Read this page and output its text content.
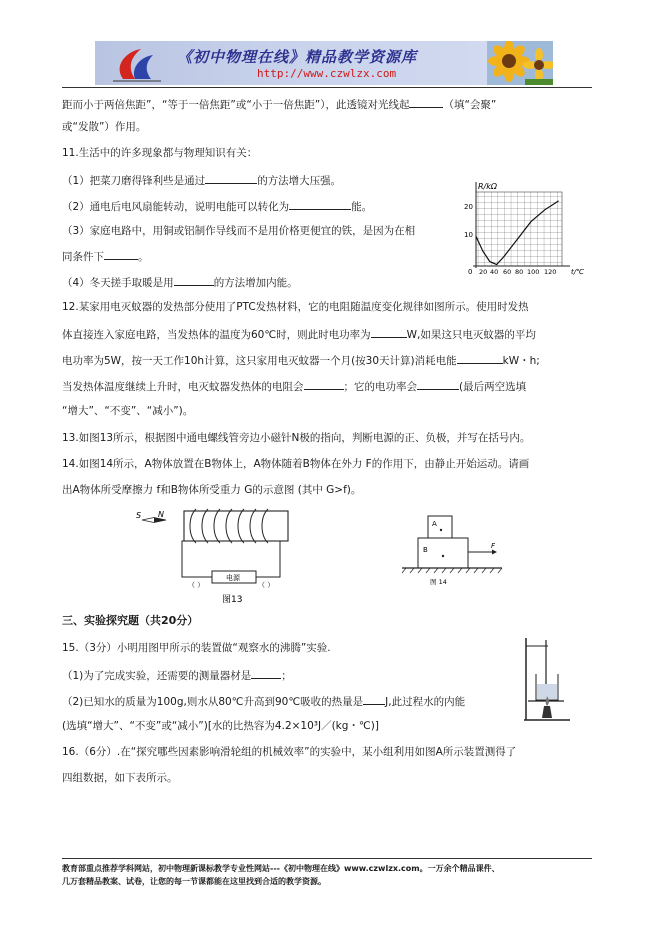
《初中物理在线》精品教学资源库
http://www.czwlzx.com
距而小于两倍焦距”，“等于一倍焦距”或“小于一倍焦距”），此透镜对光线起	（填“会聚”
或“发散”）作用。
11.生活中的许多现象都与物理知识有关：
（1）把菜刀磨得锋利些是通过	的方法增大压强。
（2）通电后电风扇能转动，说明电能可以转化为	能。
（3）家庭电路中，用铜或铝制作导线而不是用价格更便宜的铁，是因为在相
同条件下	。
（4）冬天搓手取暖是用	的方法增加内能。
R/kΩ
20
10
0 20 40 60 80 100 120 t/℃
12.某家用电灭蚊器的发热部分使用了PTC发热材料，它的电阻随温度变化规律如图所示。使用时发热
体直接连入家庭电路，当发热体的温度为60℃时，则此时电功率为	W,如果这只电灭蚊器的平均
电功率为5W，按一天工作10h计算，这只家用电灭蚊器一个月(按30天计算)消耗电能	kW・h;
当发热体温度继续上升时，电灭蚊器发热体的电阻会	；它的电功率会	(最后两空选填
“增大”、“不变”、“减小”)。
13.如图13所示，根据图中通电螺线管旁边小磁针N极的指向，判断电源的正、负极，并写在括号内。
14.如图14所示，A物体放置在B物体上，A物体随着B物体在外力 F的作用下，由静止开始运动。请画
出A物体所受摩擦力 f和B物体所受重力 G的示意图 (其中 G>f)。
S N
电源
（ ）	（ ）
图13
A
B	F
图 14
三、实验探究题（共20分）
15.（3分）小明用图甲所示的装置做“观察水的沸腾”实验.
（1)为了完成实验，还需要的测量器材是	；
（2)已知水的质量为100g,则水从80℃升高到90℃吸收的热量是 J,此过程水的内能
(选填“增大”、“不变”或“减小”)[水的比热容为4.2×10³J／(kg・℃)]
16.（6分）.在“探究哪些因素影响滑轮组的机械效率”的实验中，某小组利用如图A所示装置测得了
四组数据，如下表所示。
教育部重点推荐学科网站，初中物理新课标教学专业性网站---《初中物理在线》www.czwlzx.com。一万余个精品课件、
几万套精品教案、试卷，让您的每一节课都能在这里找到合适的教学资源。
